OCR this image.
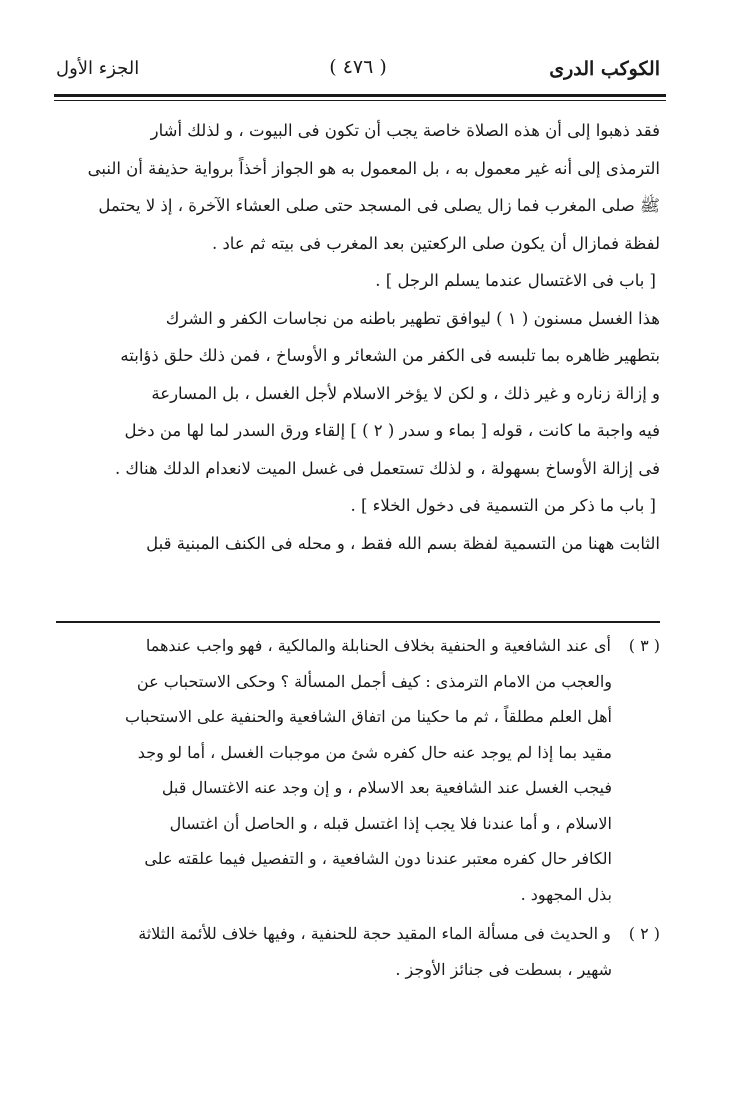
الكوكب الدرى
( ٤٧٦ )
الجزء الأول
فقد ذهبوا إلى أن هذه الصلاة خاصة يجب أن تكون فى البيوت ، و لذلك أشار
الترمذى إلى أنه غير معمول به ، بل المعمول به هو الجواز أخذاً برواية حذيفة أن النبى
ﷺ صلى المغرب فما زال يصلى فى المسجد حتى صلى العشاء الآخرة ، إذ لا يحتمل
لفظة فمازال أن يكون صلى الركعتين بعد المغرب فى بيته ثم عاد .
[ باب فى الاغتسال عندما يسلم الرجل ] .
هذا الغسل مسنون ( ١ ) ليوافق تطهير باطنه من نجاسات الكفر و الشرك
بتطهير ظاهره بما تلبسه فى الكفر من الشعائر و الأوساخ ، فمن ذلك حلق ذؤابته
و إزالة زناره و غير ذلك ، و لكن لا يؤخر الاسلام لأجل الغسل ، بل المسارعة
فيه واجبة ما كانت ، قوله [ بماء و سدر ( ٢ ) ] إلقاء ورق السدر لما لها من دخل
فى إزالة الأوساخ بسهولة ، و لذلك تستعمل فى غسل الميت لانعدام الدلك هناك .
[ باب ما ذكر من التسمية فى دخول الخلاء ] .
الثابت ههنا من التسمية لفظة بسم الله فقط ، و محله فى الكنف المبنية قبل
( ٣ ) أى عند الشافعية و الحنفية بخلاف الحنابلة والمالكية ، فهو واجب عندهما
والعجب من الامام الترمذى : كيف أجمل المسألة ؟ وحكى الاستحباب عن
أهل العلم مطلقاً ، ثم ما حكينا من اتفاق الشافعية والحنفية على الاستحباب
مقيد بما إذا لم يوجد عنه حال كفره شئ من موجبات الغسل ، أما لو وجد
فيجب الغسل عند الشافعية بعد الاسلام ، و إن وجد عنه الاغتسال قبل
الاسلام ، و أما عندنا فلا يجب إذا اغتسل قبله ، و الحاصل أن اغتسال
الكافر حال كفره معتبر عندنا دون الشافعية ، و التفصيل فيما علقته على
بذل المجهود .
( ٢ ) و الحديث فى مسألة الماء المقيد حجة للحنفية ، وفيها خلاف للأئمة الثلاثة
شهير ، بسطت فى جنائز الأوجز .
